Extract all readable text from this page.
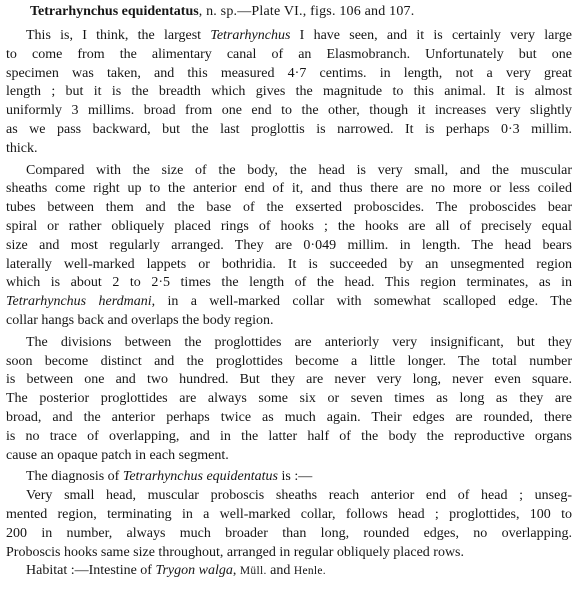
Tetrarhynchus equidentatus, n. sp.—Plate VI., figs. 106 and 107.
This is, I think, the largest Tetrarhynchus I have seen, and it is certainly very large
to come from the alimentary canal of an Elasmobranch. Unfortunately but one
specimen was taken, and this measured 4·7 centims. in length, not a very great
length ; but it is the breadth which gives the magnitude to this animal. It is almost
uniformly 3 millims. broad from one end to the other, though it increases very slightly
as we pass backward, but the last proglottis is narrowed. It is perhaps 0·3 millim.
thick.
Compared with the size of the body, the head is very small, and the muscular
sheaths come right up to the anterior end of it, and thus there are no more or less coiled
tubes between them and the base of the exserted proboscides. The proboscides bear
spiral or rather obliquely placed rings of hooks ; the hooks are all of precisely equal
size and most regularly arranged. They are 0·049 millim. in length. The head bears
laterally well-marked lappets or bothridia. It is succeeded by an unsegmented region
which is about 2 to 2·5 times the length of the head. This region terminates, as in
Tetrarhynchus herdmani, in a well-marked collar with somewhat scalloped edge. The
collar hangs back and overlaps the body region.
The divisions between the proglottides are anteriorly very insignificant, but they
soon become distinct and the proglottides become a little longer. The total number
is between one and two hundred. But they are never very long, never even square.
The posterior proglottides are always some six or seven times as long as they are
broad, and the anterior perhaps twice as much again. Their edges are rounded, there
is no trace of overlapping, and in the latter half of the body the reproductive organs
cause an opaque patch in each segment.
The diagnosis of Tetrarhynchus equidentatus is :—
Very small head, muscular proboscis sheaths reach anterior end of head ; unseg-
mented region, terminating in a well-marked collar, follows head ; proglottides, 100 to
200 in number, always much broader than long, rounded edges, no overlapping.
Proboscis hooks same size throughout, arranged in regular obliquely placed rows.
Habitat :—Intestine of Trygon walga, Müll. and Henle.
